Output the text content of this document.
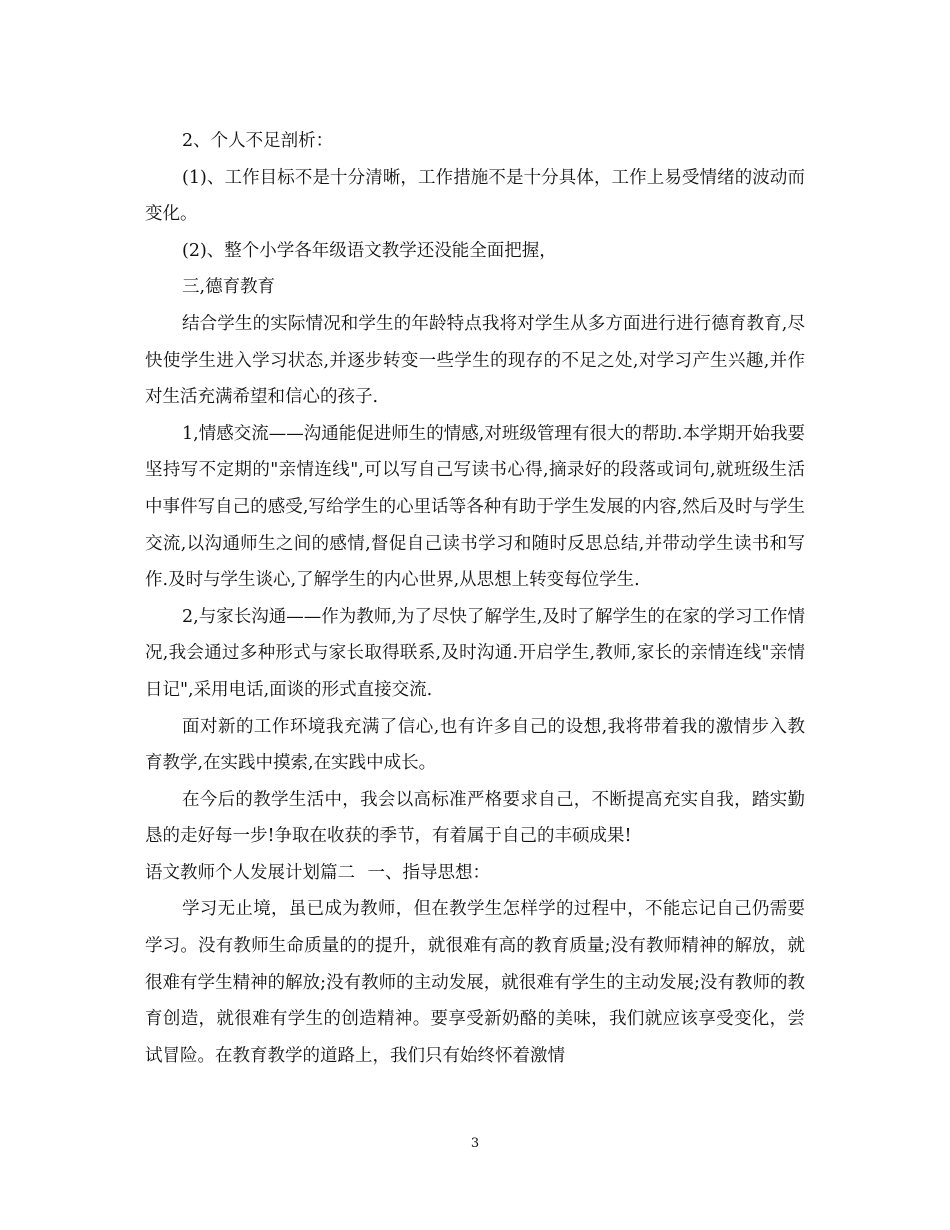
2、个人不足剖析：

(1)、工作目标不是十分清晰，工作措施不是十分具体，工作上易受情绪的波动而变化。

(2)、整个小学各年级语文教学还没能全面把握，

三,德育教育

结合学生的实际情况和学生的年龄特点我将对学生从多方面进行进行德育教育,尽快使学生进入学习状态,并逐步转变一些学生的现存的不足之处,对学习产生兴趣,并作对生活充满希望和信心的孩子.

1,情感交流——沟通能促进师生的情感,对班级管理有很大的帮助.本学期开始我要坚持写不定期的"亲情连线",可以写自己写读书心得,摘录好的段落或词句,就班级生活中事件写自己的感受,写给学生的心里话等各种有助于学生发展的内容,然后及时与学生交流,以沟通师生之间的感情,督促自己读书学习和随时反思总结,并带动学生读书和写作.及时与学生谈心,了解学生的内心世界,从思想上转变每位学生.

2,与家长沟通——作为教师,为了尽快了解学生,及时了解学生的在家的学习工作情况,我会通过多种形式与家长取得联系,及时沟通.开启学生,教师,家长的亲情连线"亲情日记",采用电话,面谈的形式直接交流.

面对新的工作环境我充满了信心,也有许多自己的设想,我将带着我的激情步入教育教学,在实践中摸索,在实践中成长。

在今后的教学生活中，我会以高标准严格要求自己，不断提高充实自我，踏实勤恳的走好每一步!争取在收获的季节，有着属于自己的丰硕成果!

语文教师个人发展计划篇二	一、指导思想：

学习无止境，虽已成为教师，但在教学生怎样学的过程中，不能忘记自己仍需要学习。没有教师生命质量的的提升，就很难有高的教育质量;没有教师精神的解放，就很难有学生精神的解放;没有教师的主动发展，就很难有学生的主动发展;没有教师的教育创造，就很难有学生的创造精神。要享受新奶酪的美味，我们就应该享受变化，尝试冒险。在教育教学的道路上，我们只有始终怀着激情

3
